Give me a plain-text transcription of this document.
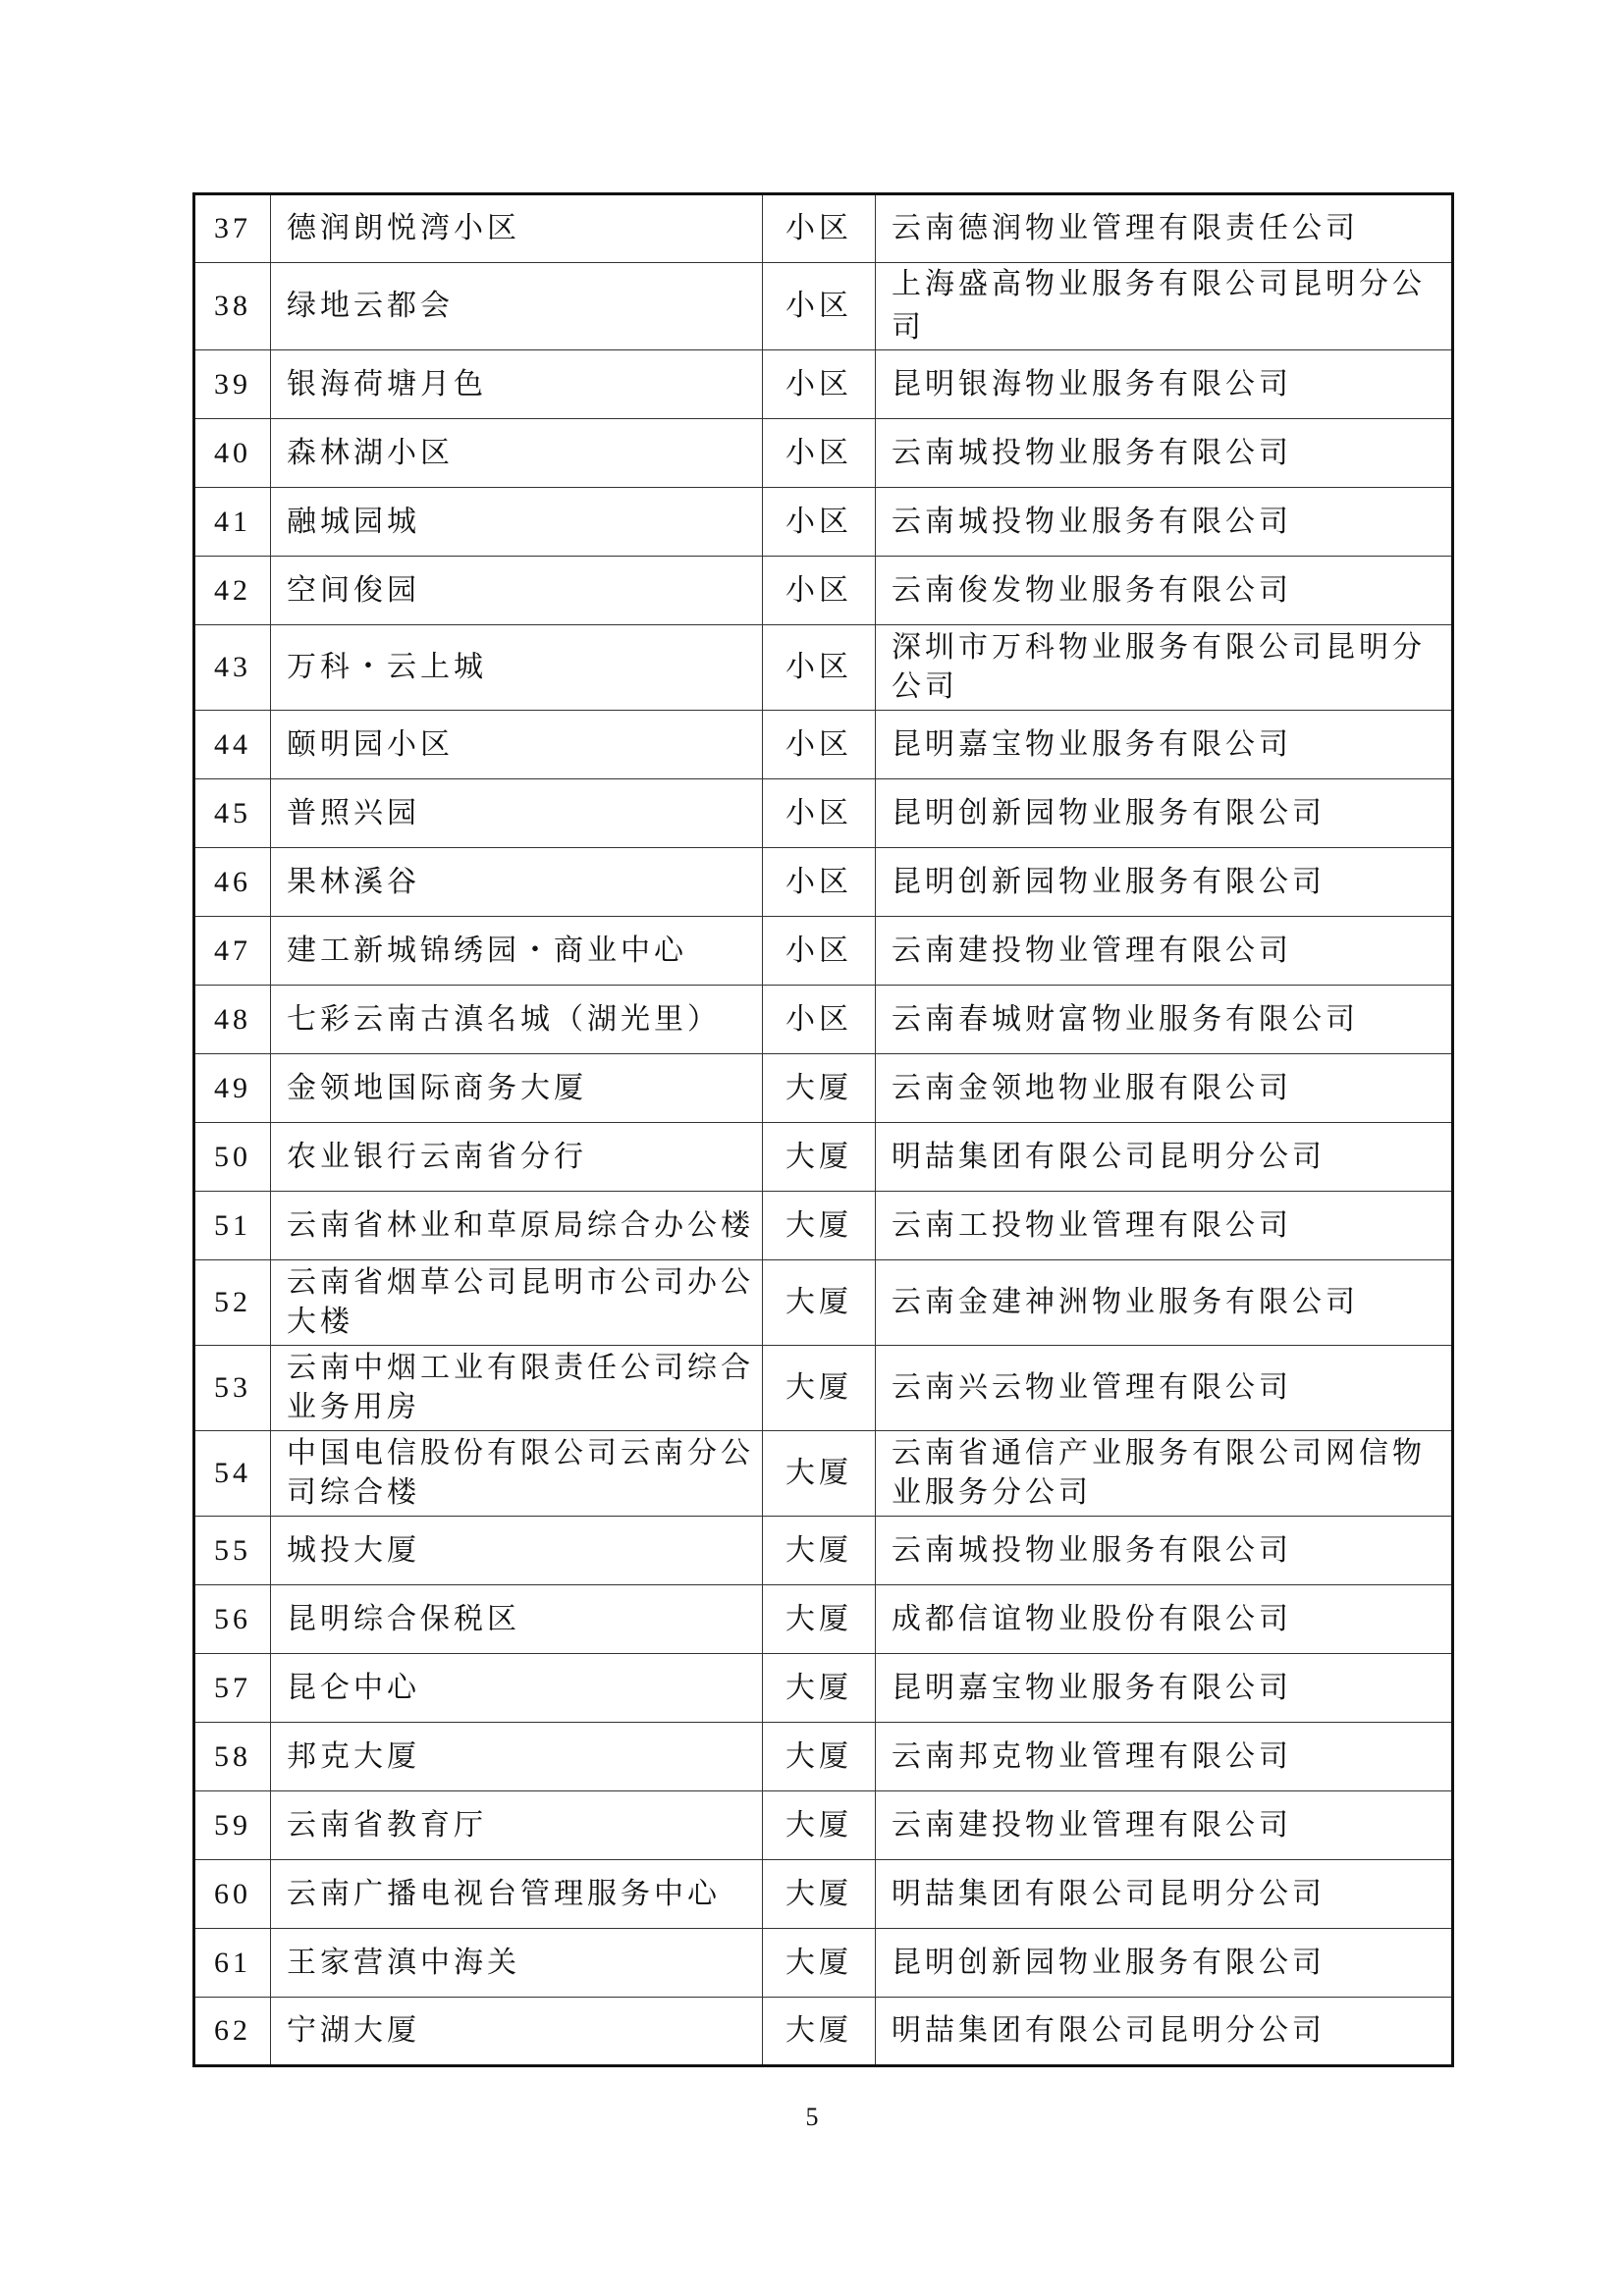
37	德润朗悦湾小区	小区	云南德润物业管理有限责任公司
38	绿地云都会	小区	上海盛高物业服务有限公司昆明分公司
39	银海荷塘月色	小区	昆明银海物业服务有限公司
40	森林湖小区	小区	云南城投物业服务有限公司
41	融城园城	小区	云南城投物业服务有限公司
42	空间俊园	小区	云南俊发物业服务有限公司
43	万科・云上城	小区	深圳市万科物业服务有限公司昆明分公司
44	颐明园小区	小区	昆明嘉宝物业服务有限公司
45	普照兴园	小区	昆明创新园物业服务有限公司
46	果林溪谷	小区	昆明创新园物业服务有限公司
47	建工新城锦绣园・商业中心	小区	云南建投物业管理有限公司
48	七彩云南古滇名城（湖光里）	小区	云南春城财富物业服务有限公司
49	金领地国际商务大厦	大厦	云南金领地物业服有限公司
50	农业银行云南省分行	大厦	明喆集团有限公司昆明分公司
51	云南省林业和草原局综合办公楼	大厦	云南工投物业管理有限公司
52	云南省烟草公司昆明市公司办公大楼	大厦	云南金建神洲物业服务有限公司
53	云南中烟工业有限责任公司综合业务用房	大厦	云南兴云物业管理有限公司
54	中国电信股份有限公司云南分公司综合楼	大厦	云南省通信产业服务有限公司网信物业服务分公司
55	城投大厦	大厦	云南城投物业服务有限公司
56	昆明综合保税区	大厦	成都信谊物业股份有限公司
57	昆仑中心	大厦	昆明嘉宝物业服务有限公司
58	邦克大厦	大厦	云南邦克物业管理有限公司
59	云南省教育厅	大厦	云南建投物业管理有限公司
60	云南广播电视台管理服务中心	大厦	明喆集团有限公司昆明分公司
61	王家营滇中海关	大厦	昆明创新园物业服务有限公司
62	宁湖大厦	大厦	明喆集团有限公司昆明分公司
5
